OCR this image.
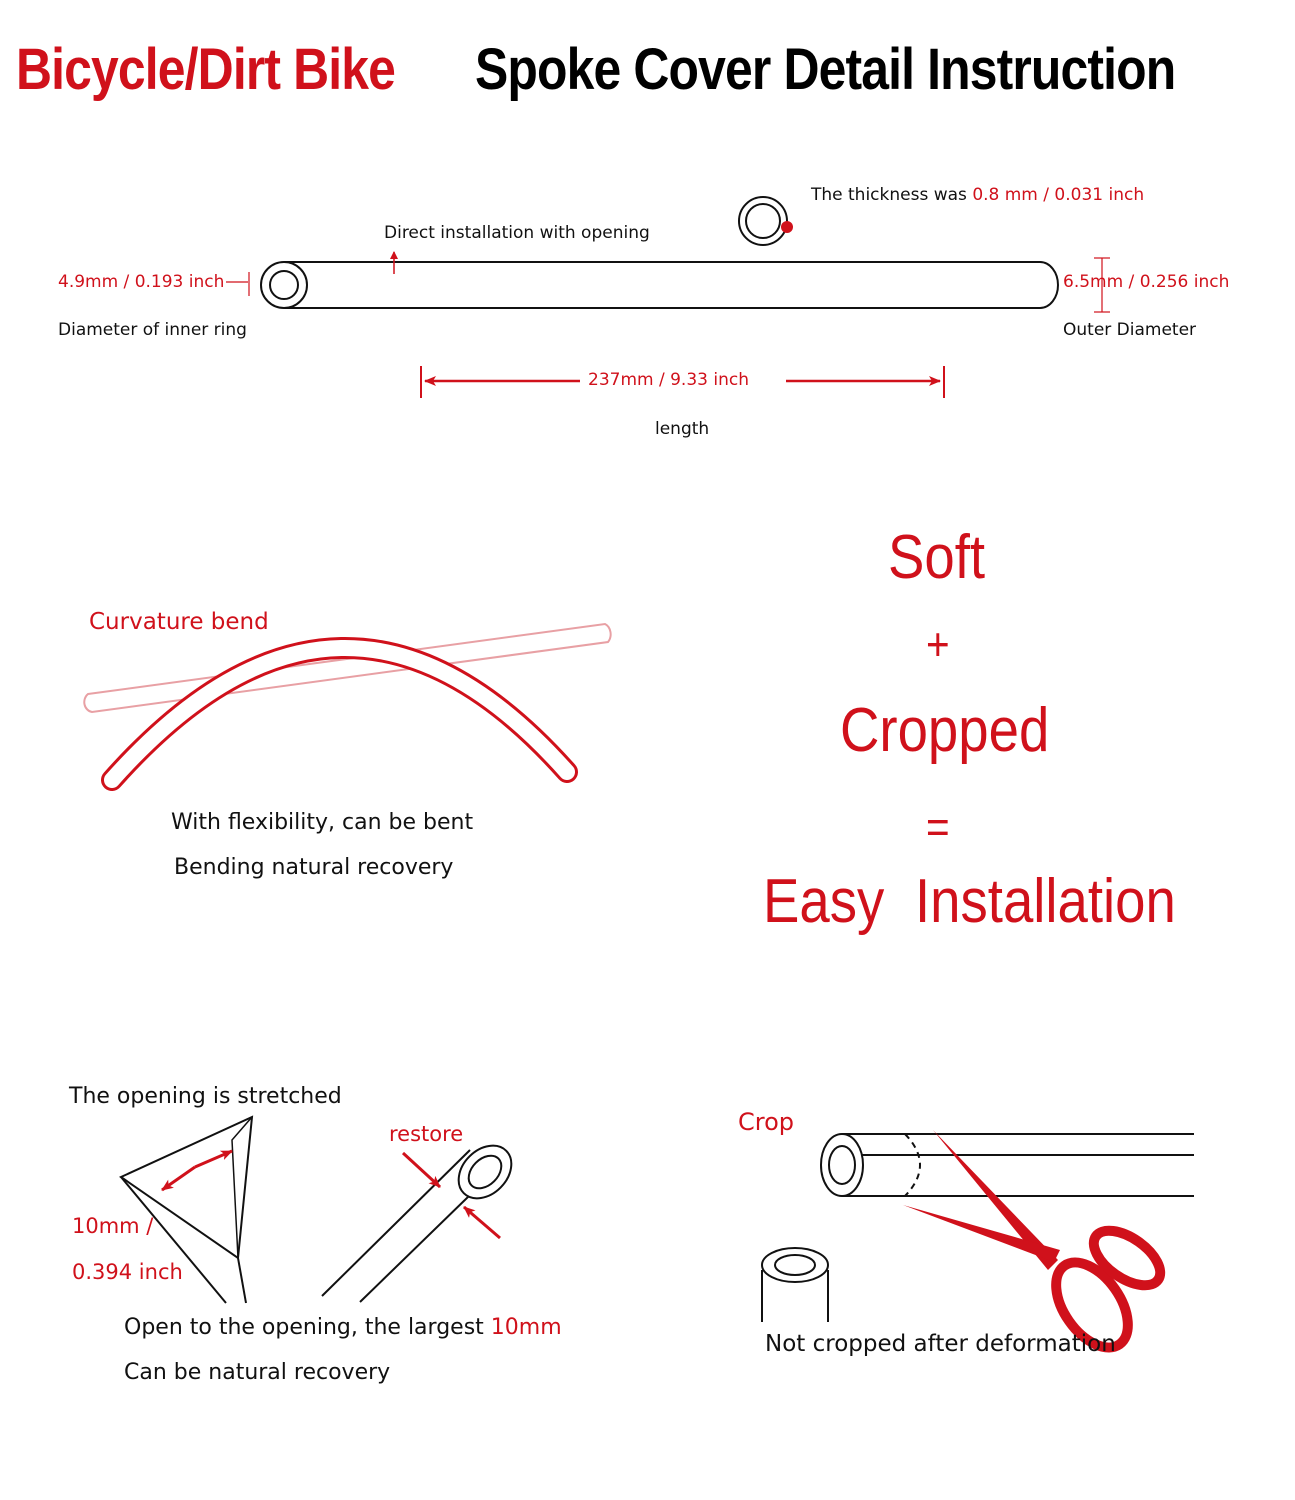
Bicycle/Dirt Bike Spoke Cover Detail Instruction
The thickness was 0.8 mm / 0.031 inch
Direct installation with opening
4.9mm / 0.193 inch
Diameter of inner ring
6.5mm / 0.256 inch
Outer Diameter
237mm / 9.33 inch
length
Curvature bend
With flexibility, can be bent
Bending natural recovery
Soft
+
Cropped
=
Easy Installation
The opening is stretched
restore
10mm /
0.394 inch
Open to the opening, the largest 10mm
Can be natural recovery
Crop
Not cropped after deformation
